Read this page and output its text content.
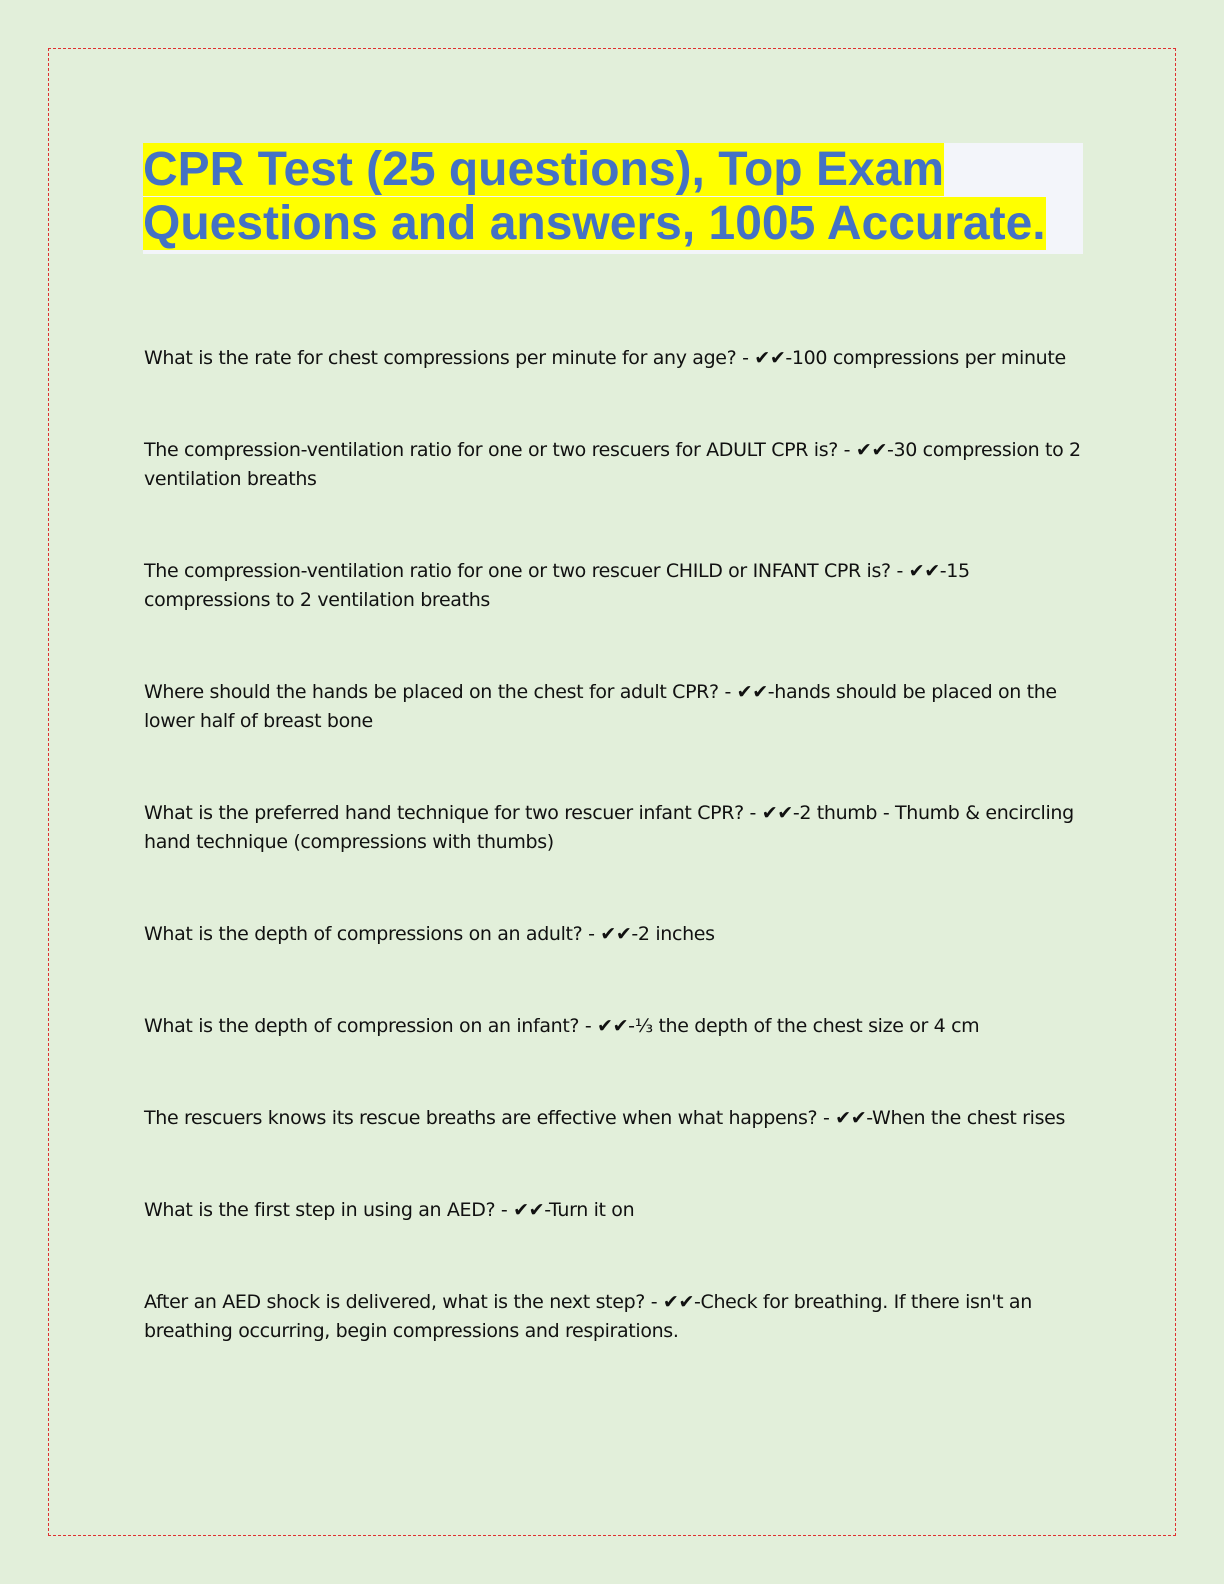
CPR Test (25 questions), Top Exam
Questions and answers, 1005 Accurate.
What is the rate for chest compressions per minute for any age? - ✔✔-100 compressions per minute
The compression-ventilation ratio for one or two rescuers for ADULT CPR is? - ✔✔-30 compression to 2 ventilation breaths
The compression-ventilation ratio for one or two rescuer CHILD or INFANT CPR is? - ✔✔-15 compressions to 2 ventilation breaths
Where should the hands be placed on the chest for adult CPR? - ✔✔-hands should be placed on the lower half of breast bone
What is the preferred hand technique for two rescuer infant CPR? - ✔✔-2 thumb - Thumb & encircling hand technique (compressions with thumbs)
What is the depth of compressions on an adult? - ✔✔-2 inches
What is the depth of compression on an infant? - ✔✔-⅓ the depth of the chest size or 4 cm
The rescuers knows its rescue breaths are effective when what happens? - ✔✔-When the chest rises
What is the first step in using an AED? - ✔✔-Turn it on
After an AED shock is delivered, what is the next step? - ✔✔-Check for breathing. If there isn't an breathing occurring, begin compressions and respirations.
